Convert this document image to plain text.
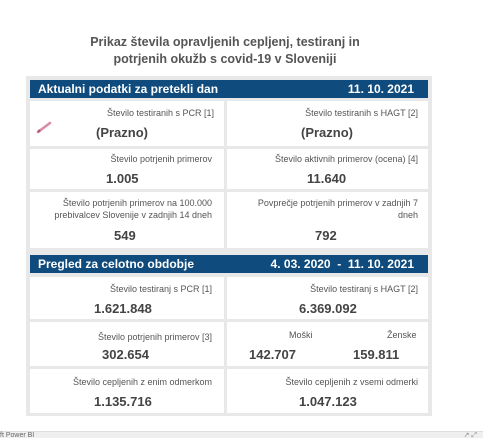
Prikaz števila opravljenih cepljenj, testiranj in
potrjenih okužb s covid-19 v Sloveniji
Aktualni podatki za pretekli dan	11. 10. 2021
Število testiranih s PCR [1]
(Prazno)
Število testiranih s HAGT [2]
(Prazno)
Število potrjenih primerov
1.005
Število aktivnih primerov (ocena) [4]
11.640
Število potrjenih primerov na 100.000
prebivalcev Slovenije v zadnjih 14 dneh
549
Povprečje potrjenih primerov v zadnjih 7
dneh
792
Pregled za celotno obdobje	4. 03. 2020  -  11. 10. 2021
Število testiranj s PCR [1]
1.621.848
Število testiranj s HAGT [2]
6.369.092
Število potrjenih primerov [3]
302.654
Moški	Ženske
142.707	159.811
Število cepljenih z enim odmerkom
1.135.716
Število cepljenih z vsemi odmerki
1.047.123
ft Power BI	↗ ⤢
